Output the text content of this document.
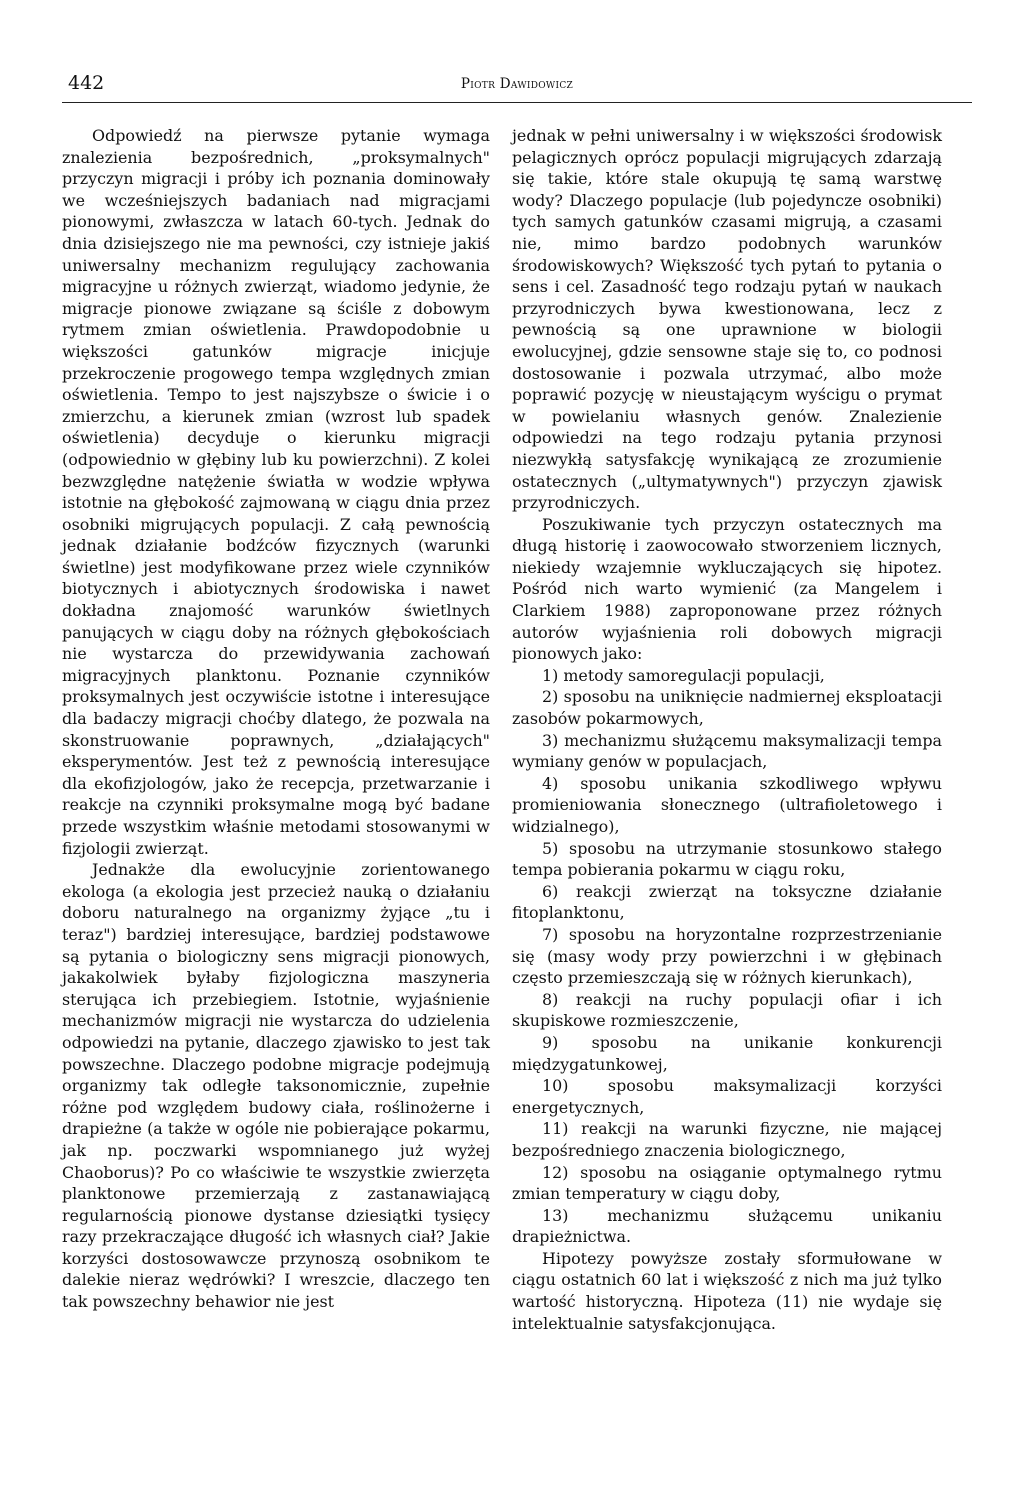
442	Piotr Dawidowicz

Odpowiedź na pierwsze pytanie wymaga znalezienia bezpośrednich, „proksymalnych" przyczyn migracji i próby ich poznania dominowały we wcześniejszych badaniach nad migracjami pionowymi, zwłaszcza w latach 60-tych. Jednak do dnia dzisiejszego nie ma pewności, czy istnieje jakiś uniwersalny mechanizm regulujący zachowania migracyjne u różnych zwierząt, wiadomo jedynie, że migracje pionowe związane są ściśle z dobowym rytmem zmian oświetlenia. Prawdopodobnie u większości gatunków migracje inicjuje przekroczenie progowego tempa względnych zmian oświetlenia. Tempo to jest najszybsze o świcie i o zmierzchu, a kierunek zmian (wzrost lub spadek oświetlenia) decyduje o kierunku migracji (odpowiednio w głębiny lub ku powierzchni). Z kolei bezwzględne natężenie światła w wodzie wpływa istotnie na głębokość zajmowaną w ciągu dnia przez osobniki migrujących populacji. Z całą pewnością jednak działanie bodźców fizycznych (warunki świetlne) jest modyfikowane przez wiele czynników biotycznych i abiotycznych środowiska i nawet dokładna znajomość warunków świetlnych panujących w ciągu doby na różnych głębokościach nie wystarcza do przewidywania zachowań migracyjnych planktonu. Poznanie czynników proksymalnych jest oczywiście istotne i interesujące dla badaczy migracji choćby dlatego, że pozwala na skonstruowanie poprawnych, „działających" eksperymentów. Jest też z pewnością interesujące dla ekofizjologów, jako że recepcja, przetwarzanie i reakcje na czynniki proksymalne mogą być badane przede wszystkim właśnie metodami stosowanymi w fizjologii zwierząt.

Jednakże dla ewolucyjnie zorientowanego ekologa (a ekologia jest przecież nauką o działaniu doboru naturalnego na organizmy żyjące „tu i teraz") bardziej interesujące, bardziej podstawowe są pytania o biologiczny sens migracji pionowych, jakakolwiek byłaby fizjologiczna maszyneria sterująca ich przebiegiem. Istotnie, wyjaśnienie mechanizmów migracji nie wystarcza do udzielenia odpowiedzi na pytanie, dlaczego zjawisko to jest tak powszechne. Dlaczego podobne migracje podejmują organizmy tak odległe taksonomicznie, zupełnie różne pod względem budowy ciała, roślinożerne i drapieżne (a także w ogóle nie pobierające pokarmu, jak np. poczwarki wspomnianego już wyżej Chaoborus)? Po co właściwie te wszystkie zwierzęta planktonowe przemierzają z zastanawiającą regularnością pionowe dystanse dziesiątki tysięcy razy przekraczające długość ich własnych ciał? Jakie korzyści dostosowawcze przynoszą osobnikom te dalekie nieraz wędrówki? I wreszcie, dlaczego ten tak powszechny behawior nie jest

jednak w pełni uniwersalny i w większości środowisk pelagicznych oprócz populacji migrujących zdarzają się takie, które stale okupują tę samą warstwę wody? Dlaczego populacje (lub pojedyncze osobniki) tych samych gatunków czasami migrują, a czasami nie, mimo bardzo podobnych warunków środowiskowych? Większość tych pytań to pytania o sens i cel. Zasadność tego rodzaju pytań w naukach przyrodniczych bywa kwestionowana, lecz z pewnością są one uprawnione w biologii ewolucyjnej, gdzie sensowne staje się to, co podnosi dostosowanie i pozwala utrzymać, albo może poprawić pozycję w nieustającym wyścigu o prymat w powielaniu własnych genów. Znalezienie odpowiedzi na tego rodzaju pytania przynosi niezwykłą satysfakcję wynikającą ze zrozumienie ostatecznych („ultymatywnych") przyczyn zjawisk przyrodniczych.

Poszukiwanie tych przyczyn ostatecznych ma długą historię i zaowocowało stworzeniem licznych, niekiedy wzajemnie wykluczających się hipotez. Pośród nich warto wymienić (za Mangelem i Clarkiem 1988) zaproponowane przez różnych autorów wyjaśnienia roli dobowych migracji pionowych jako:

1) metody samoregulacji populacji,

2) sposobu na uniknięcie nadmiernej eksploatacji zasobów pokarmowych,

3) mechanizmu służącemu maksymalizacji tempa wymiany genów w populacjach,

4) sposobu unikania szkodliwego wpływu promieniowania słonecznego (ultrafioletowego i widzialnego),

5) sposobu na utrzymanie stosunkowo stałego tempa pobierania pokarmu w ciągu roku,

6) reakcji zwierząt na toksyczne działanie fitoplanktonu,

7) sposobu na horyzontalne rozprzestrzenianie się (masy wody przy powierzchni i w głębinach często przemieszczają się w różnych kierunkach),

8) reakcji na ruchy populacji ofiar i ich skupiskowe rozmieszczenie,

9) sposobu na unikanie konkurencji międzygatunkowej,

10) sposobu maksymalizacji korzyści energetycznych,

11) reakcji na warunki fizyczne, nie mającej bezpośredniego znaczenia biologicznego,

12) sposobu na osiąganie optymalnego rytmu zmian temperatury w ciągu doby,

13) mechanizmu służącemu unikaniu drapieżnictwa.

Hipotezy powyższe zostały sformułowane w ciągu ostatnich 60 lat i większość z nich ma już tylko wartość historyczną. Hipoteza (11) nie wydaje się intelektualnie satysfakcjonująca.
